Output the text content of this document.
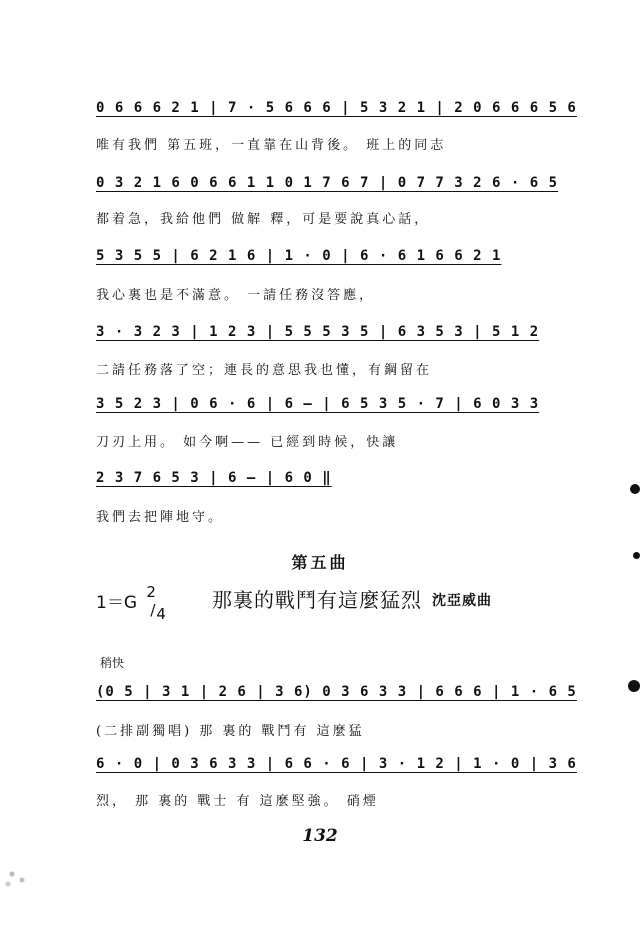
0 6 6 6 2 1 | 7 · 5 6 6 6 | 5 3 2 1 | 2 0 6 6 6 5 6
唯有我們 第五班，一直靠在山背後。 班上的同志
0 3 2 1 6 0 6 6 1 1 0 1 7 6 7 | 0 7 7 3 2 6 · 6 5
都着急，我給他們 做解 釋，可是要說真心話，
5 3 5 5 | 6 2 1 6 | 1 · 0 | 6 · 6 1 6 6 2 1
我心裏也是不滿意。 一請任務沒答應，
3 · 3 2 3 | 1 2 3 | 5 5 5 3 5 | 6 3 5 3 | 5 1 2
二請任務落了空；連長的意思我也懂，有鋼留在
3 5 2 3 | 0 6 · 6 | 6 — | 6 5 3 5 · 7 | 6 0 3 3
刀刃上用。 如今啊—— 已經到時候，快讓
2 3 7 6 5 3 | 6 — | 6 0 ‖
我們去把陣地守。
第五曲
1＝G
2
/ 4
那裏的戰鬥有這麼猛烈 沈亞威曲
稍快
(0 5 | 3 1 | 2 6 | 3 6) 0 3 6 3 3 | 6 6 6 | 1 · 6 5
(二排副獨唱) 那 裏的 戰鬥有 這麼猛
6 · 0 | 0 3 6 3 3 | 6 6 · 6 | 3 · 1 2 | 1 · 0 | 3 6
烈， 那 裏的 戰士 有 這麼堅強。 硝煙
132
